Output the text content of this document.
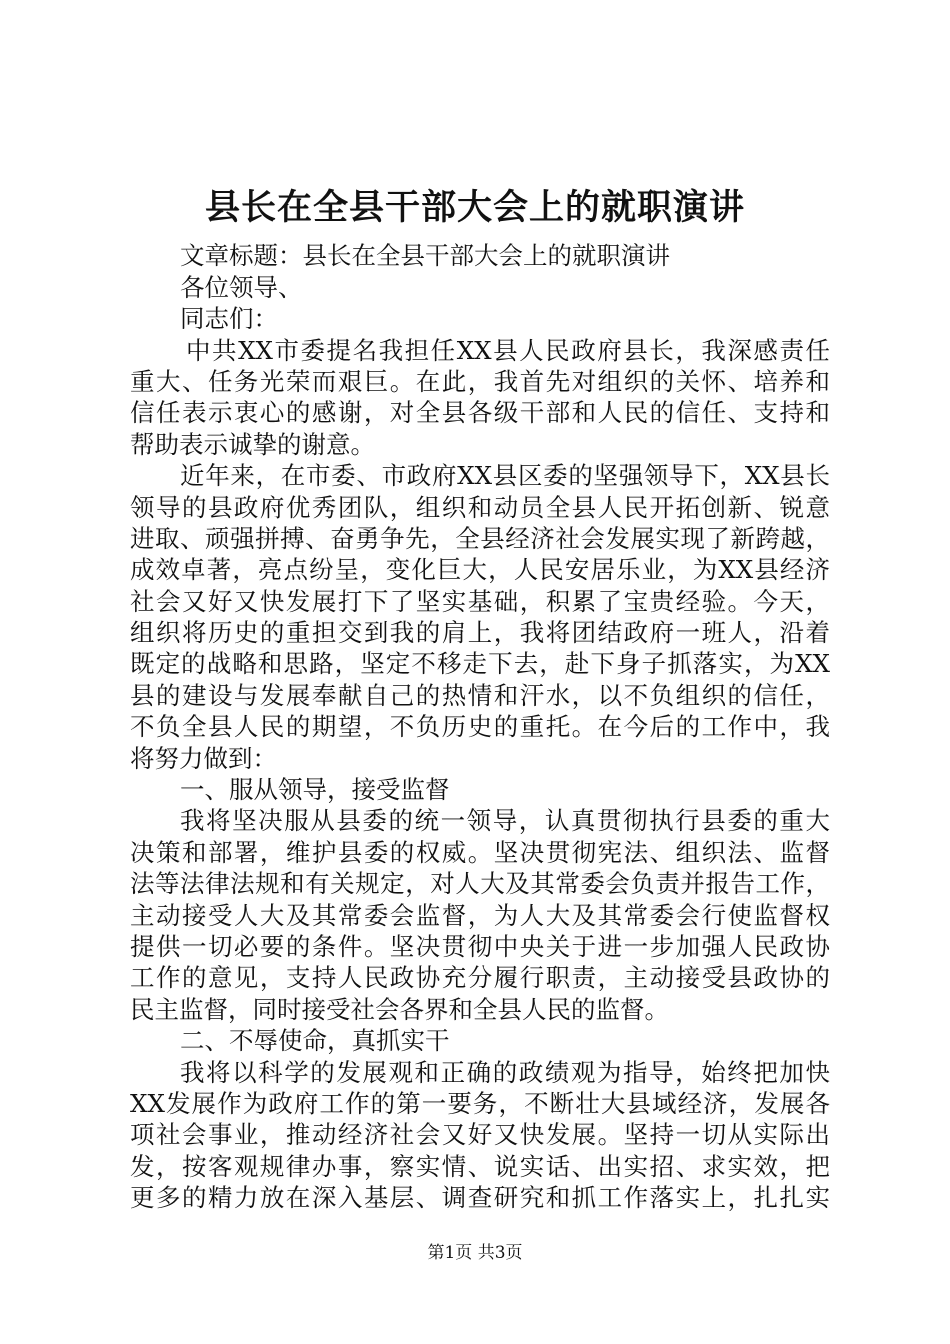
县长在全县干部大会上的就职演讲
文章标题：县长在全县干部大会上的就职演讲
各位领导、
同志们：
中共XX市委提名我担任XX县人民政府县长，我深感责任
重大、任务光荣而艰巨。在此，我首先对组织的关怀、培养和
信任表示衷心的感谢，对全县各级干部和人民的信任、支持和
帮助表示诚挚的谢意。
近年来，在市委、市政府XX县区委的坚强领导下，XX县长
领导的县政府优秀团队，组织和动员全县人民开拓创新、锐意
进取、顽强拼搏、奋勇争先，全县经济社会发展实现了新跨越，
成效卓著，亮点纷呈，变化巨大，人民安居乐业，为XX县经济
社会又好又快发展打下了坚实基础，积累了宝贵经验。今天，
组织将历史的重担交到我的肩上，我将团结政府一班人，沿着
既定的战略和思路，坚定不移走下去，赴下身子抓落实，为XX
县的建设与发展奉献自己的热情和汗水，以不负组织的信任，
不负全县人民的期望，不负历史的重托。在今后的工作中，我
将努力做到：
一、服从领导，接受监督
我将坚决服从县委的统一领导，认真贯彻执行县委的重大
决策和部署，维护县委的权威。坚决贯彻宪法、组织法、监督
法等法律法规和有关规定，对人大及其常委会负责并报告工作，
主动接受人大及其常委会监督，为人大及其常委会行使监督权
提供一切必要的条件。坚决贯彻中央关于进一步加强人民政协
工作的意见，支持人民政协充分履行职责，主动接受县政协的
民主监督，同时接受社会各界和全县人民的监督。
二、不辱使命，真抓实干
我将以科学的发展观和正确的政绩观为指导，始终把加快
XX发展作为政府工作的第一要务，不断壮大县域经济，发展各
项社会事业，推动经济社会又好又快发展。坚持一切从实际出
发，按客观规律办事，察实情、说实话、出实招、求实效，把
更多的精力放在深入基层、调查研究和抓工作落实上，扎扎实
第1页 共3页
